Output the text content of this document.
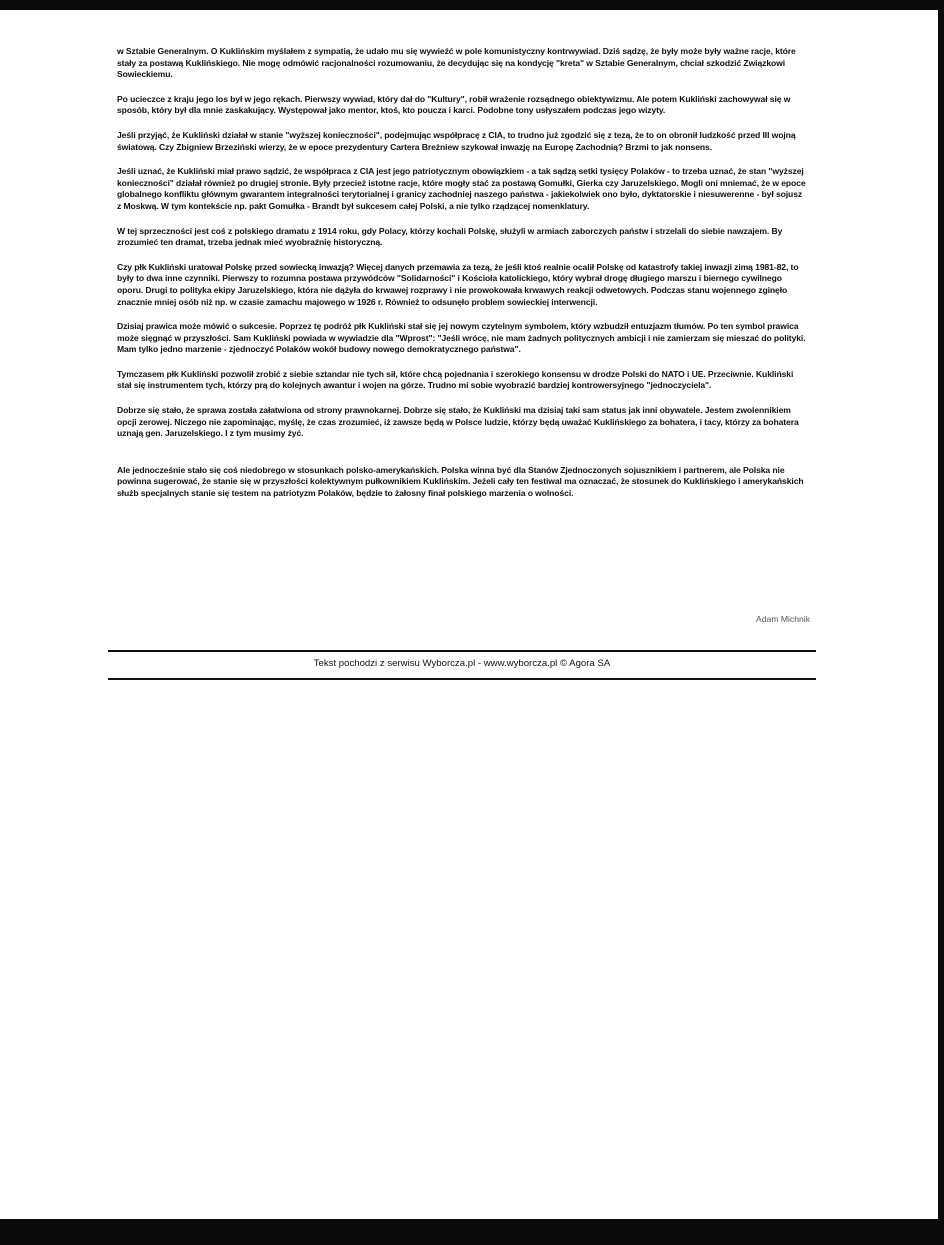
w Sztabie Generalnym. O Kuklińskim myślałem z sympatią, że udało mu się wywieźć w pole komunistyczny kontrwywiad. Dziś sądzę, że były może były ważne racje, które stały za postawą Kuklińskiego. Nie mogę odmówić racjonalności rozumowaniu, że decydując się na kondycję "kreta" w Sztabie Generalnym, chciał szkodzić Związkowi Sowieckiemu.

Po ucieczce z kraju jego los był w jego rękach. Pierwszy wywiad, który dał do "Kultury", robił wrażenie rozsądnego obiektywizmu. Ale potem Kukliński zachowywał się w sposób, który był dla mnie zaskakujący. Występował jako mentor, ktoś, kto poucza i karci. Podobne tony usłyszałem podczas jego wizyty.

Jeśli przyjąć, że Kukliński działał w stanie "wyższej konieczności", podejmując współpracę z CIA, to trudno już zgodzić się z tezą, że to on obronił ludzkość przed III wojną światową. Czy Zbigniew Brzeziński wierzy, że w epoce prezydentury Cartera Breżniew szykował inwazję na Europę Zachodnią? Brzmi to jak nonsens.

Jeśli uznać, że Kukliński miał prawo sądzić, że współpraca z CIA jest jego patriotycznym obowiązkiem - a tak sądzą setki tysięcy Polaków - to trzeba uznać, że stan "wyższej konieczności" działał również po drugiej stronie. Były przecież istotne racje, które mogły stać za postawą Gomułki, Gierka czy Jaruzelskiego. Mogli oni mniemać, że w epoce globalnego konfliktu głównym gwarantem integralności terytorialnej i granicy zachodniej naszego państwa - jakiekolwiek ono było, dyktatorskie i niesuwerenne - był sojusz z Moskwą. W tym kontekście np. pakt Gomułka - Brandt był sukcesem całej Polski, a nie tylko rządzącej nomenklatury.

W tej sprzeczności jest coś z polskiego dramatu z 1914 roku, gdy Polacy, którzy kochali Polskę, służyli w armiach zaborczych państw i strzelali do siebie nawzajem. By zrozumieć ten dramat, trzeba jednak mieć wyobraźnię historyczną.

Czy płk Kukliński uratował Polskę przed sowiecką inwazją? Więcej danych przemawia za tezą, że jeśli ktoś realnie ocalił Polskę od katastrofy takiej inwazji zimą 1981-82, to były to dwa inne czynniki. Pierwszy to rozumna postawa przywódców "Solidarności" i Kościoła katolickiego, który wybrał drogę długiego marszu i biernego cywilnego oporu. Drugi to polityka ekipy Jaruzelskiego, która nie dążyła do krwawej rozprawy i nie prowokowała krwawych reakcji odwetowych. Podczas stanu wojennego zginęło znacznie mniej osób niż np. w czasie zamachu majowego w 1926 r. Również to odsunęło problem sowieckiej interwencji.

Dzisiaj prawica może mówić o sukcesie. Poprzez tę podróż płk Kukliński stał się jej nowym czytelnym symbolem, który wzbudził entuzjazm tłumów. Po ten symbol prawica może sięgnąć w przyszłości. Sam Kukliński powiada w wywiadzie dla "Wprost": "Jeśli wrócę, nie mam żadnych politycznych ambicji i nie zamierzam się mieszać do polityki. Mam tylko jedno marzenie - zjednoczyć Polaków wokół budowy nowego demokratycznego państwa".

Tymczasem płk Kukliński pozwolił zrobić z siebie sztandar nie tych sił, które chcą pojednania i szerokiego konsensu w drodze Polski do NATO i UE. Przeciwnie. Kukliński stał się instrumentem tych, którzy prą do kolejnych awantur i wojen na górze. Trudno mi sobie wyobrazić bardziej kontrowersyjnego "jednoczyciela".

Dobrze się stało, że sprawa została załatwiona od strony prawnokarnej. Dobrze się stało, że Kukliński ma dzisiaj taki sam status jak inni obywatele. Jestem zwolennikiem opcji zerowej. Niczego nie zapominając, myślę, że czas zrozumieć, iż zawsze będą w Polsce ludzie, którzy będą uważać Kuklińskiego za bohatera, i tacy, którzy za bohatera uznają gen. Jaruzelskiego. I z tym musimy żyć.

Ale jednocześnie stało się coś niedobrego w stosunkach polsko-amerykańskich. Polska winna być dla Stanów Zjednoczonych sojusznikiem i partnerem, ale Polska nie powinna sugerować, że stanie się w przyszłości kolektywnym pułkownikiem Kuklińskim. Jeżeli cały ten festiwal ma oznaczać, że stosunek do Kuklińskiego i amerykańskich służb specjalnych stanie się testem na patriotyzm Polaków, będzie to żałosny finał polskiego marzenia o wolności.

Adam Michnik
Tekst pochodzi z serwisu Wyborcza.pl - www.wyborcza.pl © Agora SA
